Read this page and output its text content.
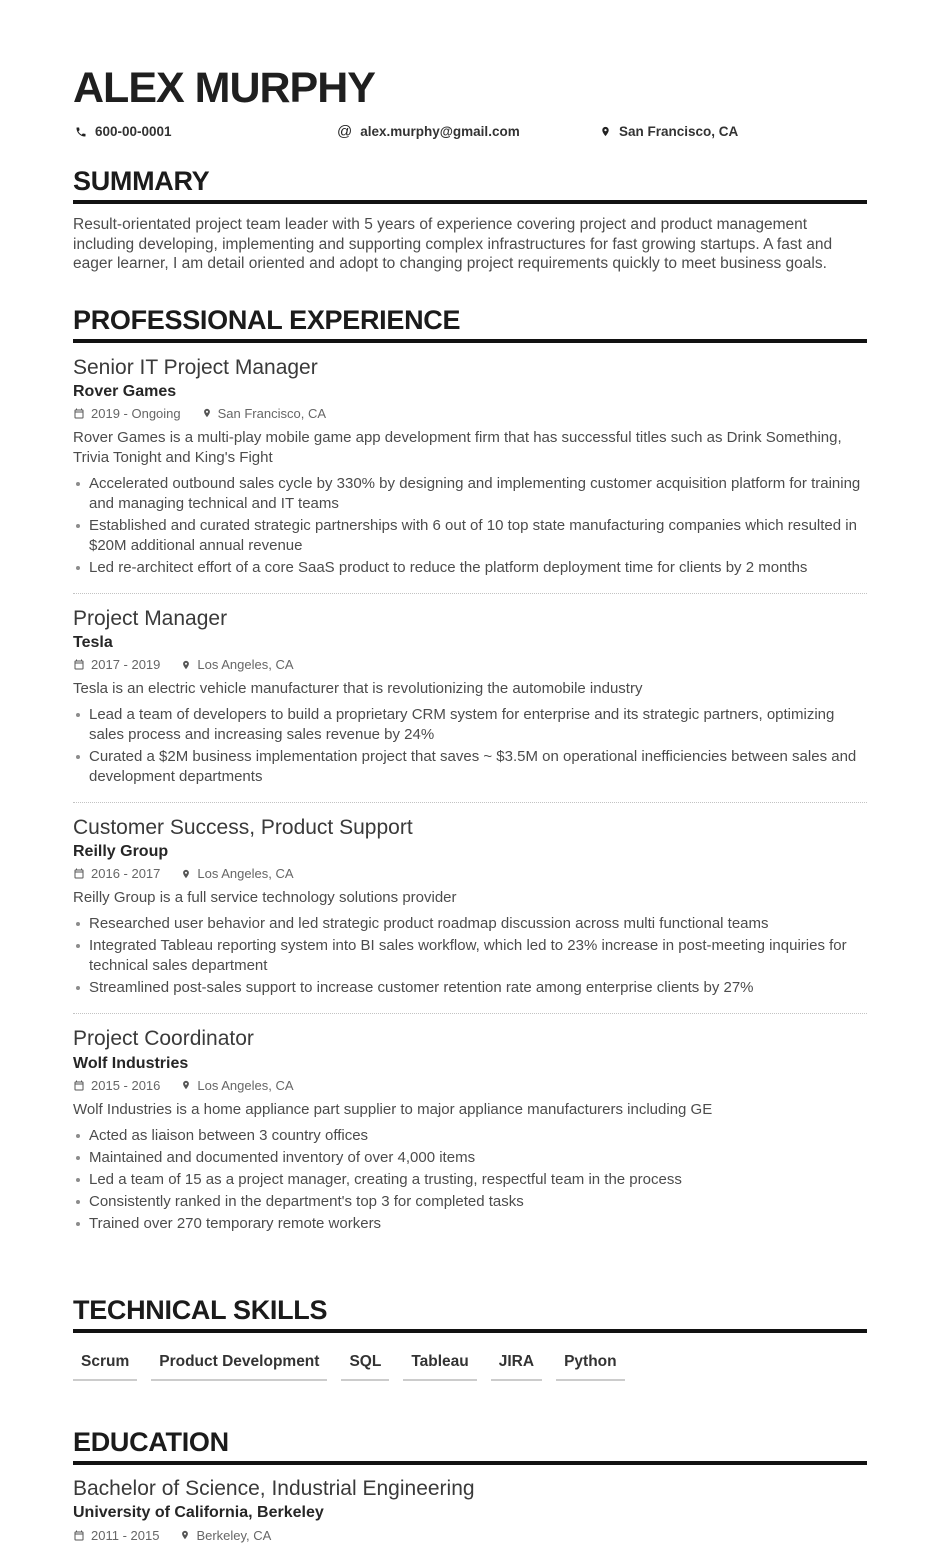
ALEX MURPHY
600-00-0001	@ alex.murphy@gmail.com	San Francisco, CA
SUMMARY
Result-orientated project team leader with 5 years of experience covering project and product management including developing, implementing and supporting complex infrastructures for fast growing startups. A fast and eager learner, I am detail oriented and adopt to changing project requirements quickly to meet business goals.
PROFESSIONAL EXPERIENCE
Senior IT Project Manager
Rover Games
2019 - Ongoing	San Francisco, CA
Rover Games is a multi-play mobile game app development firm that has successful titles such as Drink Something, Trivia Tonight and King's Fight
Accelerated outbound sales cycle by 330% by designing and implementing customer acquisition platform for training and managing technical and IT teams
Established and curated strategic partnerships with 6 out of 10 top state manufacturing companies which resulted in $20M additional annual revenue
Led re-architect effort of a core SaaS product to reduce the platform deployment time for clients by 2 months
Project Manager
Tesla
2017 - 2019	Los Angeles, CA
Tesla is an electric vehicle manufacturer that is revolutionizing the automobile industry
Lead a team of developers to build a proprietary CRM system for enterprise and its strategic partners, optimizing sales process and increasing sales revenue by 24%
Curated a $2M business implementation project that saves ~ $3.5M on operational inefficiencies between sales and development departments
Customer Success, Product Support
Reilly Group
2016 - 2017	Los Angeles, CA
Reilly Group is a full service technology solutions provider
Researched user behavior and led strategic product roadmap discussion across multi functional teams
Integrated Tableau reporting system into BI sales workflow, which led to 23% increase in post-meeting inquiries for technical sales department
Streamlined post-sales support to increase customer retention rate among enterprise clients by 27%
Project Coordinator
Wolf Industries
2015 - 2016	Los Angeles, CA
Wolf Industries is a home appliance part supplier to major appliance manufacturers including GE
Acted as liaison between 3 country offices
Maintained and documented inventory of over 4,000 items
Led a team of 15 as a project manager, creating a trusting, respectful team in the process
Consistently ranked in the department's top 3 for completed tasks
Trained over 270 temporary remote workers
TECHNICAL SKILLS
Scrum	Product Development	SQL	Tableau	JIRA	Python
EDUCATION
Bachelor of Science, Industrial Engineering
University of California, Berkeley
2011 - 2015	Berkeley, CA
